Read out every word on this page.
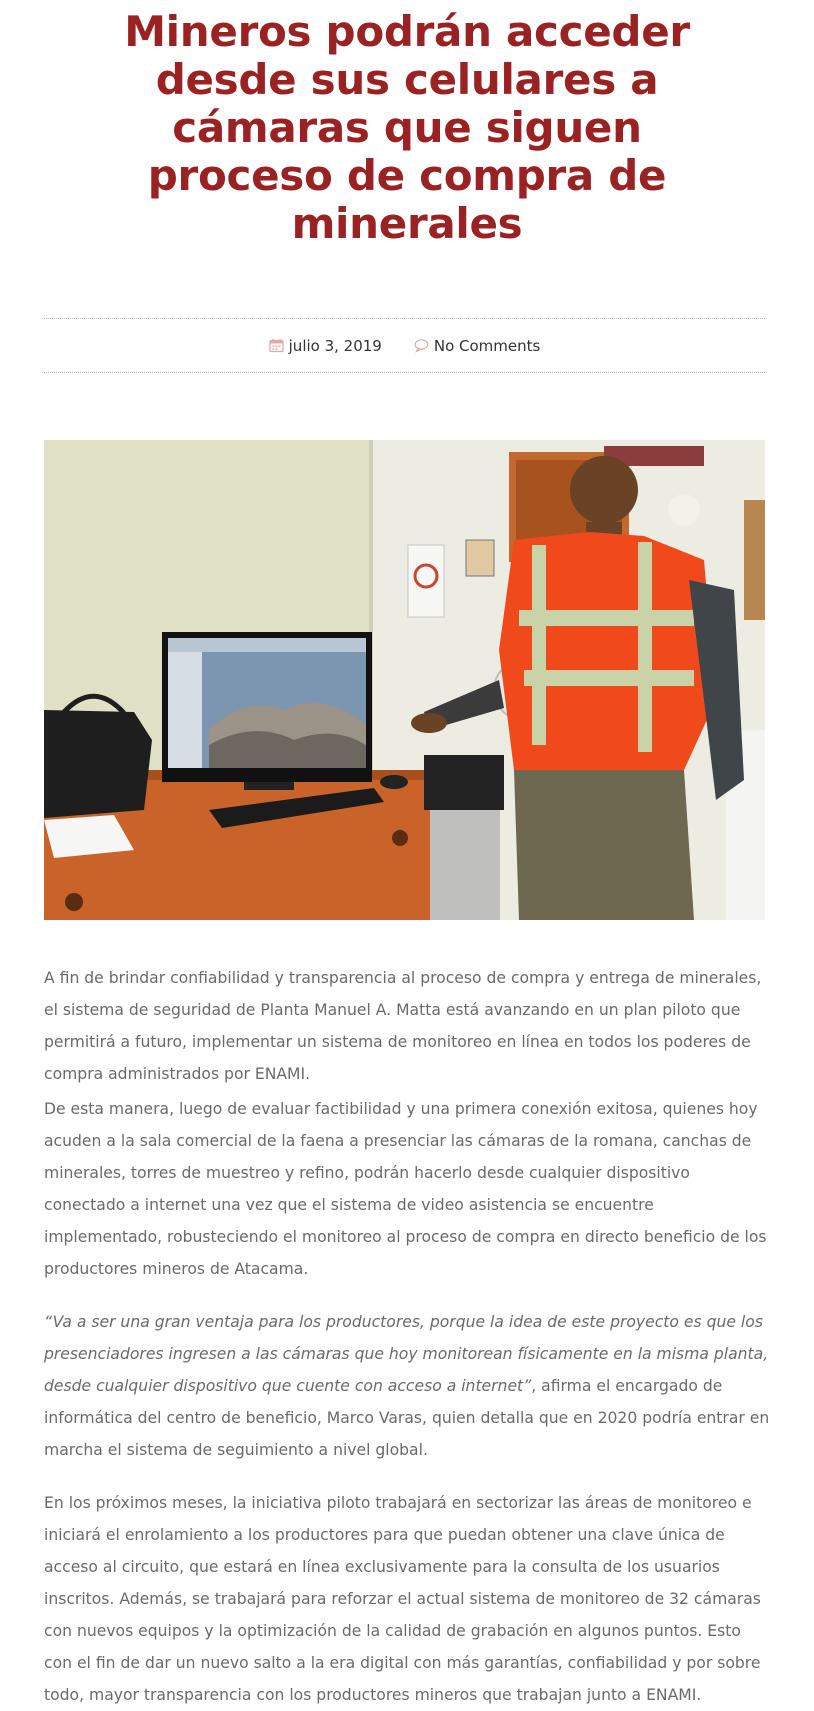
Mineros podrán acceder desde sus celulares a cámaras que siguen proceso de compra de minerales
julio 3, 2019	No Comments

A fin de brindar confiabilidad y transparencia al proceso de compra y entrega de minerales, el sistema de seguridad de Planta Manuel A. Matta está avanzando en un plan piloto que permitirá a futuro, implementar un sistema de monitoreo en línea en todos los poderes de compra administrados por ENAMI.

De esta manera, luego de evaluar factibilidad y una primera conexión exitosa, quienes hoy acuden a la sala comercial de la faena a presenciar las cámaras de la romana, canchas de minerales, torres de muestreo y refino, podrán hacerlo desde cualquier dispositivo conectado a internet una vez que el sistema de video asistencia se encuentre implementado, robusteciendo el monitoreo al proceso de compra en directo beneficio de los productores mineros de Atacama.

“Va a ser una gran ventaja para los productores, porque la idea de este proyecto es que los presenciadores ingresen a las cámaras que hoy monitorean físicamente en la misma planta, desde cualquier dispositivo que cuente con acceso a internet”, afirma el encargado de informática del centro de beneficio, Marco Varas, quien detalla que en 2020 podría entrar en marcha el sistema de seguimiento a nivel global.

En los próximos meses, la iniciativa piloto trabajará en sectorizar las áreas de monitoreo e iniciará el enrolamiento a los productores para que puedan obtener una clave única de acceso al circuito, que estará en línea exclusivamente para la consulta de los usuarios inscritos. Además, se trabajará para reforzar el actual sistema de monitoreo de 32 cámaras con nuevos equipos y la optimización de la calidad de grabación en algunos puntos. Esto con el fin de dar un nuevo salto a la era digital con más garantías, confiabilidad y por sobre todo, mayor transparencia con los productores mineros que trabajan junto a ENAMI.
